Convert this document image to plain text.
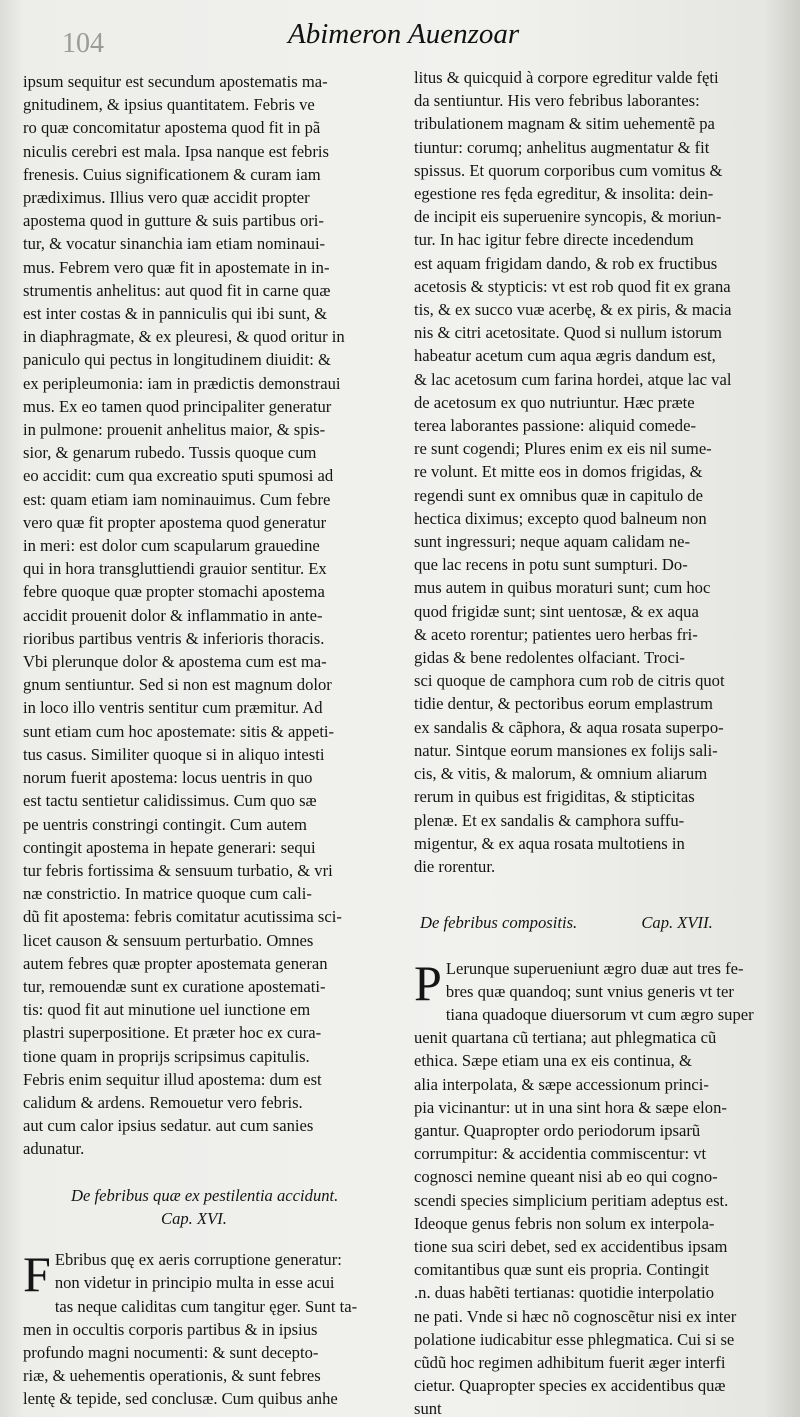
104	Abimeron Auenzoar
ipsum sequitur est secundum apostematis ma-
gnitudinem, & ipsius quantitatem. Febris ve
ro quæ concomitatur apostema quod fit in pã
niculis cerebri est mala. Ipsa nanque est febris
frenesis. Cuius significationem & curam iam
prædiximus. Illius vero quæ accidit propter
apostema quod in gutture & suis partibus ori-
tur, & vocatur sinanchia iam etiam nominaui-
mus. Febrem vero quæ fit in apostemate in in-
strumentis anhelitus: aut quod fit in carne quæ
est inter costas & in panniculis qui ibi sunt, &
in diaphragmate, & ex pleuresi, & quod oritur in
paniculo qui pectus in longitudinem diuidit: &
ex peripleumonia: iam in prædictis demonstraui
mus. Ex eo tamen quod principaliter generatur
in pulmone: prouenit anhelitus maior, & spis-
sior, & genarum rubedo. Tussis quoque cum
eo accidit: cum qua excreatio sputi spumosi ad
est: quam etiam iam nominauimus. Cum febre
vero quæ fit propter apostema quod generatur
in meri: est dolor cum scapularum grauedine
qui in hora transgluttiendi grauior sentitur. Ex
febre quoque quæ propter stomachi apostema
accidit prouenit dolor & inflammatio in ante-
rioribus partibus ventris & inferioris thoracis.
Vbi plerunque dolor & apostema cum est ma-
gnum sentiuntur. Sed si non est magnum dolor
in loco illo ventris sentitur cum præmitur. Ad
sunt etiam cum hoc apostemate: sitis & appeti-
tus casus. Similiter quoque si in aliquo intesti
norum fuerit apostema: locus uentris in quo
est tactu sentietur calidissimus. Cum quo sæ
pe uentris constringi contingit. Cum autem
contingit apostema in hepate generari: sequi
tur febris fortissima & sensuum turbatio, & vri
næ constrictio. In matrice quoque cum cali-
dũ fit apostema: febris comitatur acutissima sci-
licet causon & sensuum perturbatio. Omnes
autem febres quæ propter apostemata generan
tur, remouendæ sunt ex curatione apostemati-
tis: quod fit aut minutione uel iunctione em
plastri superpositione. Et præter hoc ex cura-
tione quam in proprijs scripsimus capitulis.
Febris enim sequitur illud apostema: dum est
calidum & ardens. Remouetur vero febris.
aut cum calor ipsius sedatur. aut cum sanies
adunatur.
De febribus quæ ex pestilentia accidunt.
Cap. XVI.
F Ebribus quę ex aeris corruptione generatur:
non videtur in principio multa in esse acui
tas neque caliditas cum tangitur ęger. Sunt ta-
men in occultis corporis partibus & in ipsius
profundo magni nocumenti: & sunt decepto-
riæ, & uehementis operationis, & sunt febres
lentę & tepide, sed conclusæ. Cum quibus anhe
litus & quicquid à corpore egreditur valde fęti
da sentiuntur. His vero febribus laborantes:
tribulationem magnam & sitim uehementẽ pa
tiuntur: corumq; anhelitus augmentatur & fit
spissus. Et quorum corporibus cum vomitus &
egestione res fęda egreditur, & insolita: dein-
de incipit eis superuenire syncopis, & moriun-
tur. In hac igitur febre directe incedendum
est aquam frigidam dando, & rob ex fructibus
acetosis & stypticis: vt est rob quod fit ex grana
tis, & ex succo vuæ acerbę, & ex piris, & macia
nis & citri acetositate. Quod si nullum istorum
habeatur acetum cum aqua ægris dandum est,
& lac acetosum cum farina hordei, atque lac val
de acetosum ex quo nutriuntur. Hæc præte
terea laborantes passione: aliquid comede-
re sunt cogendi; Plures enim ex eis nil sume-
re volunt. Et mitte eos in domos frigidas, &
regendi sunt ex omnibus quæ in capitulo de
hectica diximus; excepto quod balneum non
sunt ingressuri; neque aquam calidam ne-
que lac recens in potu sunt sumpturi. Do-
mus autem in quibus moraturi sunt; cum hoc
quod frigidæ sunt; sint uentosæ, & ex aqua
& aceto rorentur; patientes uero herbas fri-
gidas & bene redolentes olfaciant. Troci-
sci quoque de camphora cum rob de citris quot
tidie dentur, & pectoribus eorum emplastrum
ex sandalis & cãphora, & aqua rosata superpo-
natur. Sintque eorum mansiones ex folijs sali-
cis, & vitis, & malorum, & omnium aliarum
rerum in quibus est frigiditas, & stipticitas
plenæ. Et ex sandalis & camphora suffu-
migentur, & ex aqua rosata multotiens in
die rorentur.
De febribus compositis.	Cap. XVII.
P Lerunque superueniunt ægro duæ aut tres fe-
bres quæ quandoq; sunt vnius generis vt ter
tiana quadoque diuersorum vt cum ægro super
uenit quartana cũ tertiana; aut phlegmatica cũ
ethica. Sæpe etiam una ex eis continua, &
alia interpolata, & sæpe accessionum princi-
pia vicinantur: ut in una sint hora & sæpe elon-
gantur. Quapropter ordo periodorum ipsarũ
corrumpitur: & accidentia commiscentur: vt
cognosci nemine queant nisi ab eo qui cogno-
scendi species simplicium peritiam adeptus est.
Ideoque genus febris non solum ex interpola-
tione sua sciri debet, sed ex accidentibus ipsam
comitantibus quæ sunt eis propria. Contingit
.n. duas habẽti tertianas: quotidie interpolatio
ne pati. Vnde si hæc nõ cognoscẽtur nisi ex inter
polatione iudicabitur esse phlegmatica. Cui si se
cũdũ hoc regimen adhibitum fuerit æger interfi
cietur. Quapropter species ex accidentibus quæ
sunt
